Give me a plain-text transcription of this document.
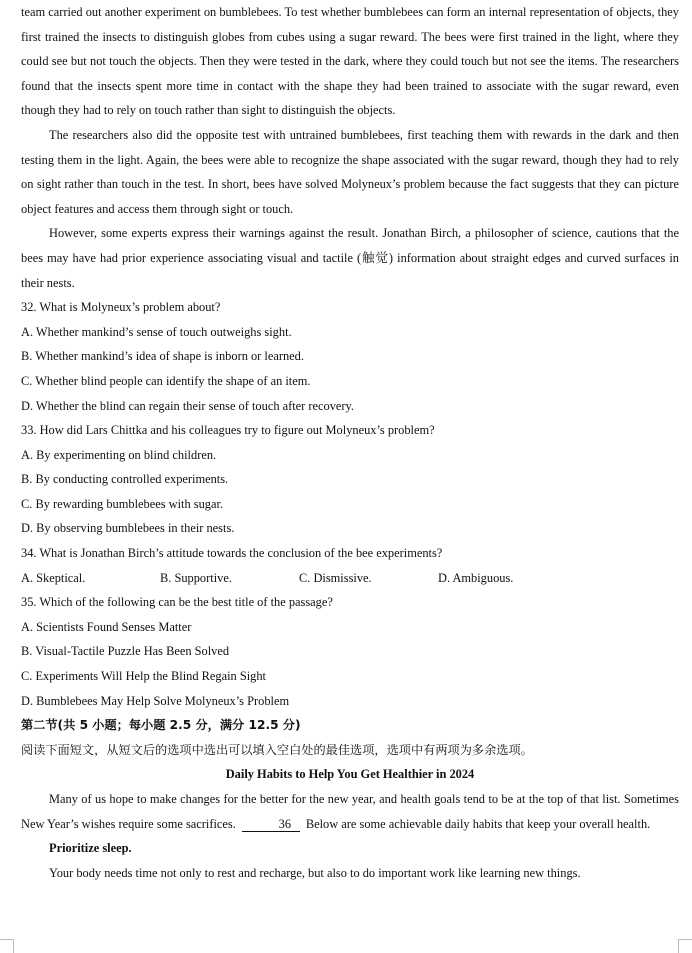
team carried out another experiment on bumblebees. To test whether bumblebees can form an internal representation of objects, they first trained the insects to distinguish globes from cubes using a sugar reward. The bees were first trained in the light, where they could see but not touch the objects. Then they were tested in the dark, where they could touch but not see the items. The researchers found that the insects spent more time in contact with the shape they had been trained to associate with the sugar reward, even though they had to rely on touch rather than sight to distinguish the objects.

The researchers also did the opposite test with untrained bumblebees, first teaching them with rewards in the dark and then testing them in the light. Again, the bees were able to recognize the shape associated with the sugar reward, though they had to rely on sight rather than touch in the test. In short, bees have solved Molyneux’s problem because the fact suggests that they can picture object features and access them through sight or touch.

However, some experts express their warnings against the result. Jonathan Birch, a philosopher of science, cautions that the bees may have had prior experience associating visual and tactile (触觉) information about straight edges and curved surfaces in their nests.

32. What is Molyneux’s problem about?

A. Whether mankind’s sense of touch outweighs sight.

B. Whether mankind’s idea of shape is inborn or learned.

C. Whether blind people can identify the shape of an item.

D. Whether the blind can regain their sense of touch after recovery.

33. How did Lars Chittka and his colleagues try to figure out Molyneux’s problem?

A. By experimenting on blind children.

B. By conducting controlled experiments.

C. By rewarding bumblebees with sugar.

D. By observing bumblebees in their nests.

34. What is Jonathan Birch’s attitude towards the conclusion of the bee experiments?

A. Skeptical.	B. Supportive.	C. Dismissive.	D. Ambiguous.

35. Which of the following can be the best title of the passage?

A. Scientists Found Senses Matter

B. Visual-Tactile Puzzle Has Been Solved

C. Experiments Will Help the Blind Regain Sight

D. Bumblebees May Help Solve Molyneux’s Problem

第二节(共 5 小题；每小题 2.5 分，满分 12.5 分)

阅读下面短文，从短文后的选项中选出可以填入空白处的最佳选项，选项中有两项为多余选项。

Daily Habits to Help You Get Healthier in 2024

Many of us hope to make changes for the better for the new year, and health goals tend to be at the top of that list. Sometimes New Year’s wishes require some sacrifices.	36 Below are some achievable daily habits that keep your overall health.

Prioritize sleep.

Your body needs time not only to rest and recharge, but also to do important work like learning new things.
